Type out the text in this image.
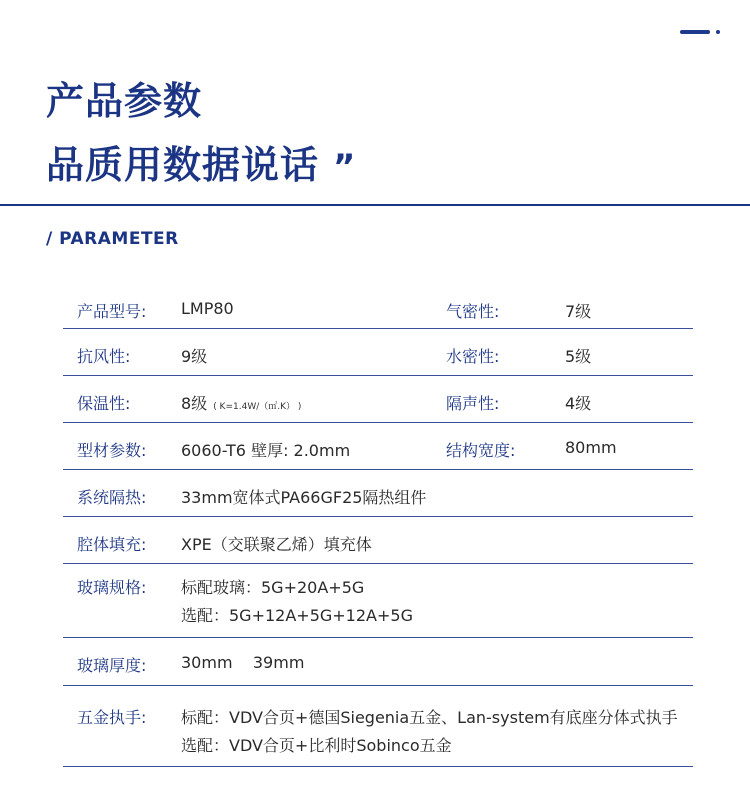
产品参数
品质用数据说话 ”
/ PARAMETER
产品型号: LMP80	气密性:	7级
抗风性:	9级	水密性:	5级
保温性:	8级 ( K=1.4W/（㎡.K） )	隔声性:	4级
型材参数: 6060-T6 壁厚: 2.0mm	结构宽度:	80mm
系统隔热: 33mm宽体式PA66GF25隔热组件
腔体填充: XPE（交联聚乙烯）填充体
玻璃规格: 标配玻璃：5G+20A+5G
选配：5G+12A+5G+12A+5G
玻璃厚度: 30mm    39mm
五金执手: 标配：VDV合页+德国Siegenia五金、Lan-system有底座分体式执手
选配：VDV合页+比利时Sobinco五金
